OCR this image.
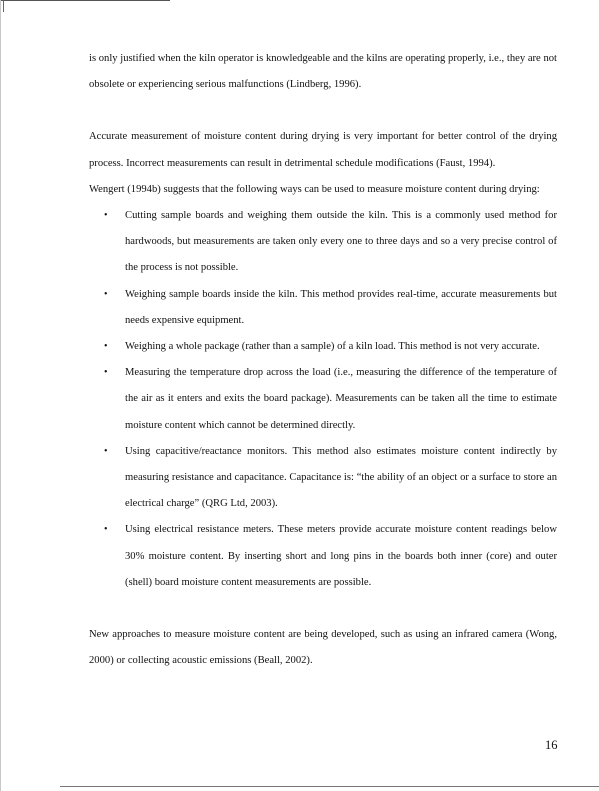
is only justified when the kiln operator is knowledgeable and the kilns are operating properly, i.e., they are not obsolete or experiencing serious malfunctions (Lindberg, 1996).

Accurate measurement of moisture content during drying is very important for better control of the drying process. Incorrect measurements can result in detrimental schedule modifications (Faust, 1994).

Wengert (1994b) suggests that the following ways can be used to measure moisture content during drying:

• Cutting sample boards and weighing them outside the kiln. This is a commonly used method for hardwoods, but measurements are taken only every one to three days and so a very precise control of the process is not possible.
• Weighing sample boards inside the kiln. This method provides real-time, accurate measurements but needs expensive equipment.
• Weighing a whole package (rather than a sample) of a kiln load. This method is not very accurate.
• Measuring the temperature drop across the load (i.e., measuring the difference of the temperature of the air as it enters and exits the board package). Measurements can be taken all the time to estimate moisture content which cannot be determined directly.
• Using capacitive/reactance monitors. This method also estimates moisture content indirectly by measuring resistance and capacitance. Capacitance is: “the ability of an object or a surface to store an electrical charge” (QRG Ltd, 2003).
• Using electrical resistance meters. These meters provide accurate moisture content readings below 30% moisture content. By inserting short and long pins in the boards both inner (core) and outer (shell) board moisture content measurements are possible.

New approaches to measure moisture content are being developed, such as using an infrared camera (Wong, 2000) or collecting acoustic emissions (Beall, 2002).

16
